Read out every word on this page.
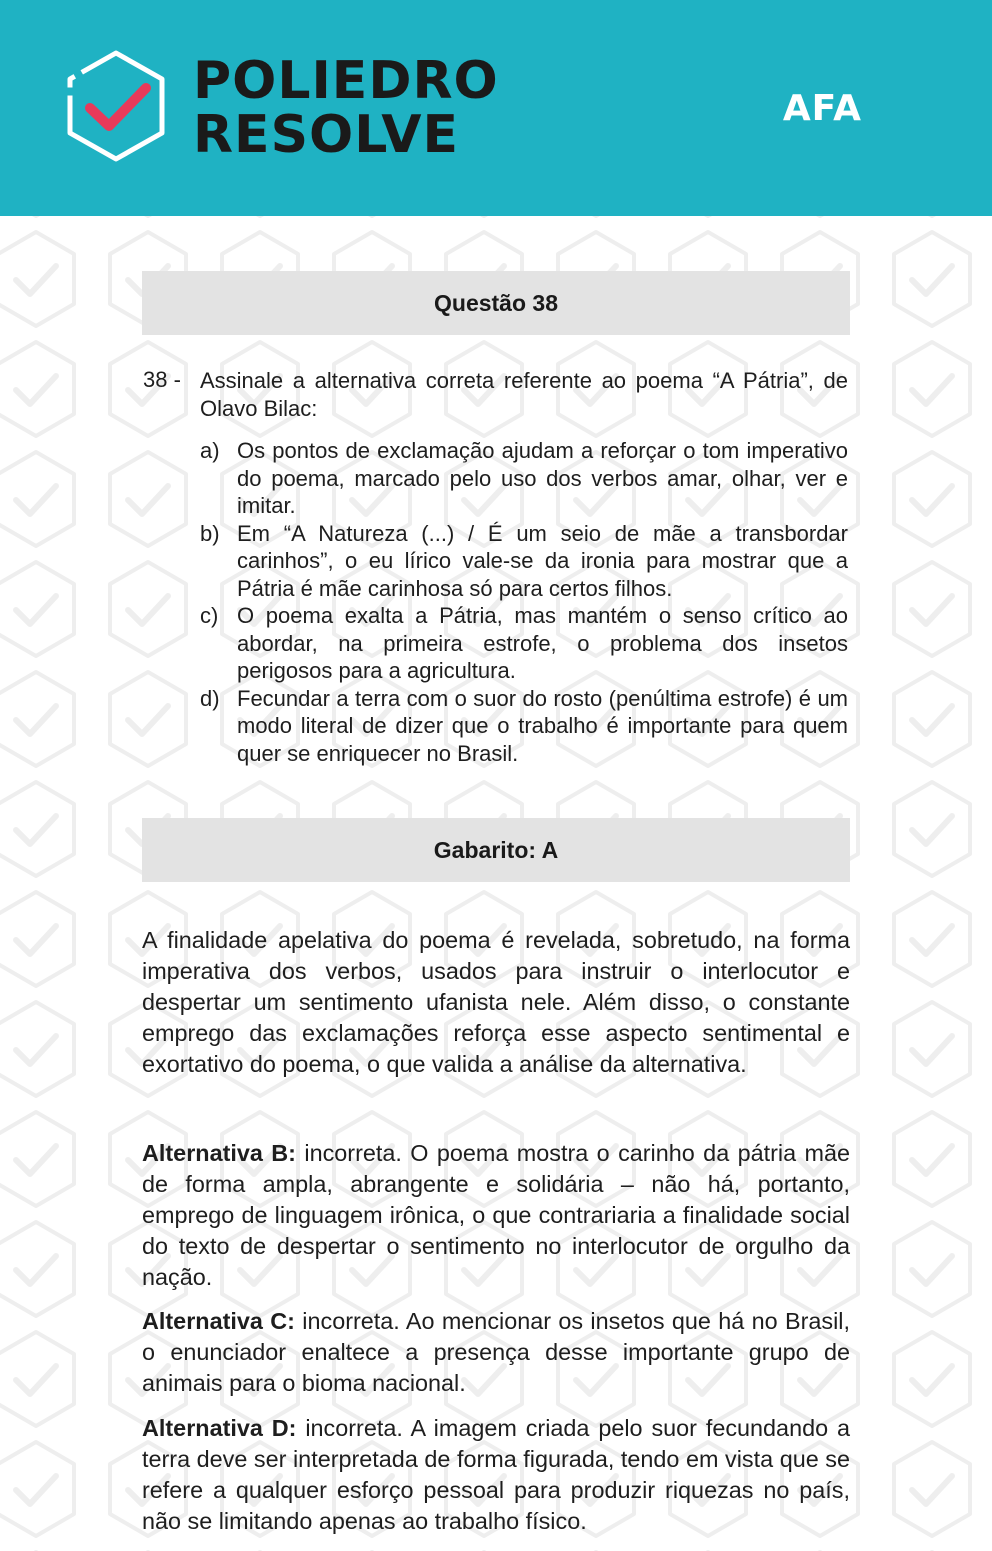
POLIEDRO
RESOLVE	AFA
Questão 38
38 - Assinale a alternativa correta referente ao poema “A Pátria”, de Olavo Bilac:
a) Os pontos de exclamação ajudam a reforçar o tom imperativo do poema, marcado pelo uso dos verbos amar, olhar, ver e imitar.
b) Em “A Natureza (...) / É um seio de mãe a transbordar carinhos”, o eu lírico vale-se da ironia para mostrar que a Pátria é mãe carinhosa só para certos filhos.
c) O poema exalta a Pátria, mas mantém o senso crítico ao abordar, na primeira estrofe, o problema dos insetos perigosos para a agricultura.
d) Fecundar a terra com o suor do rosto (penúltima estrofe) é um modo literal de dizer que o trabalho é importante para quem quer se enriquecer no Brasil.
Gabarito: A
A finalidade apelativa do poema é revelada, sobretudo, na forma imperativa dos verbos, usados para instruir o interlocutor e despertar um sentimento ufanista nele. Além disso, o constante emprego das exclamações reforça esse aspecto sentimental e exortativo do poema, o que valida a análise da alternativa.
Alternativa B: incorreta. O poema mostra o carinho da pátria mãe de forma ampla, abrangente e solidária – não há, portanto, emprego de linguagem irônica, o que contrariaria a finalidade social do texto de despertar o sentimento no interlocutor de orgulho da nação.
Alternativa C: incorreta. Ao mencionar os insetos que há no Brasil, o enunciador enaltece a presença desse importante grupo de animais para o bioma nacional.
Alternativa D: incorreta. A imagem criada pelo suor fecundando a terra deve ser interpretada de forma figurada, tendo em vista que se refere a qualquer esforço pessoal para produzir riquezas no país, não se limitando apenas ao trabalho físico.
